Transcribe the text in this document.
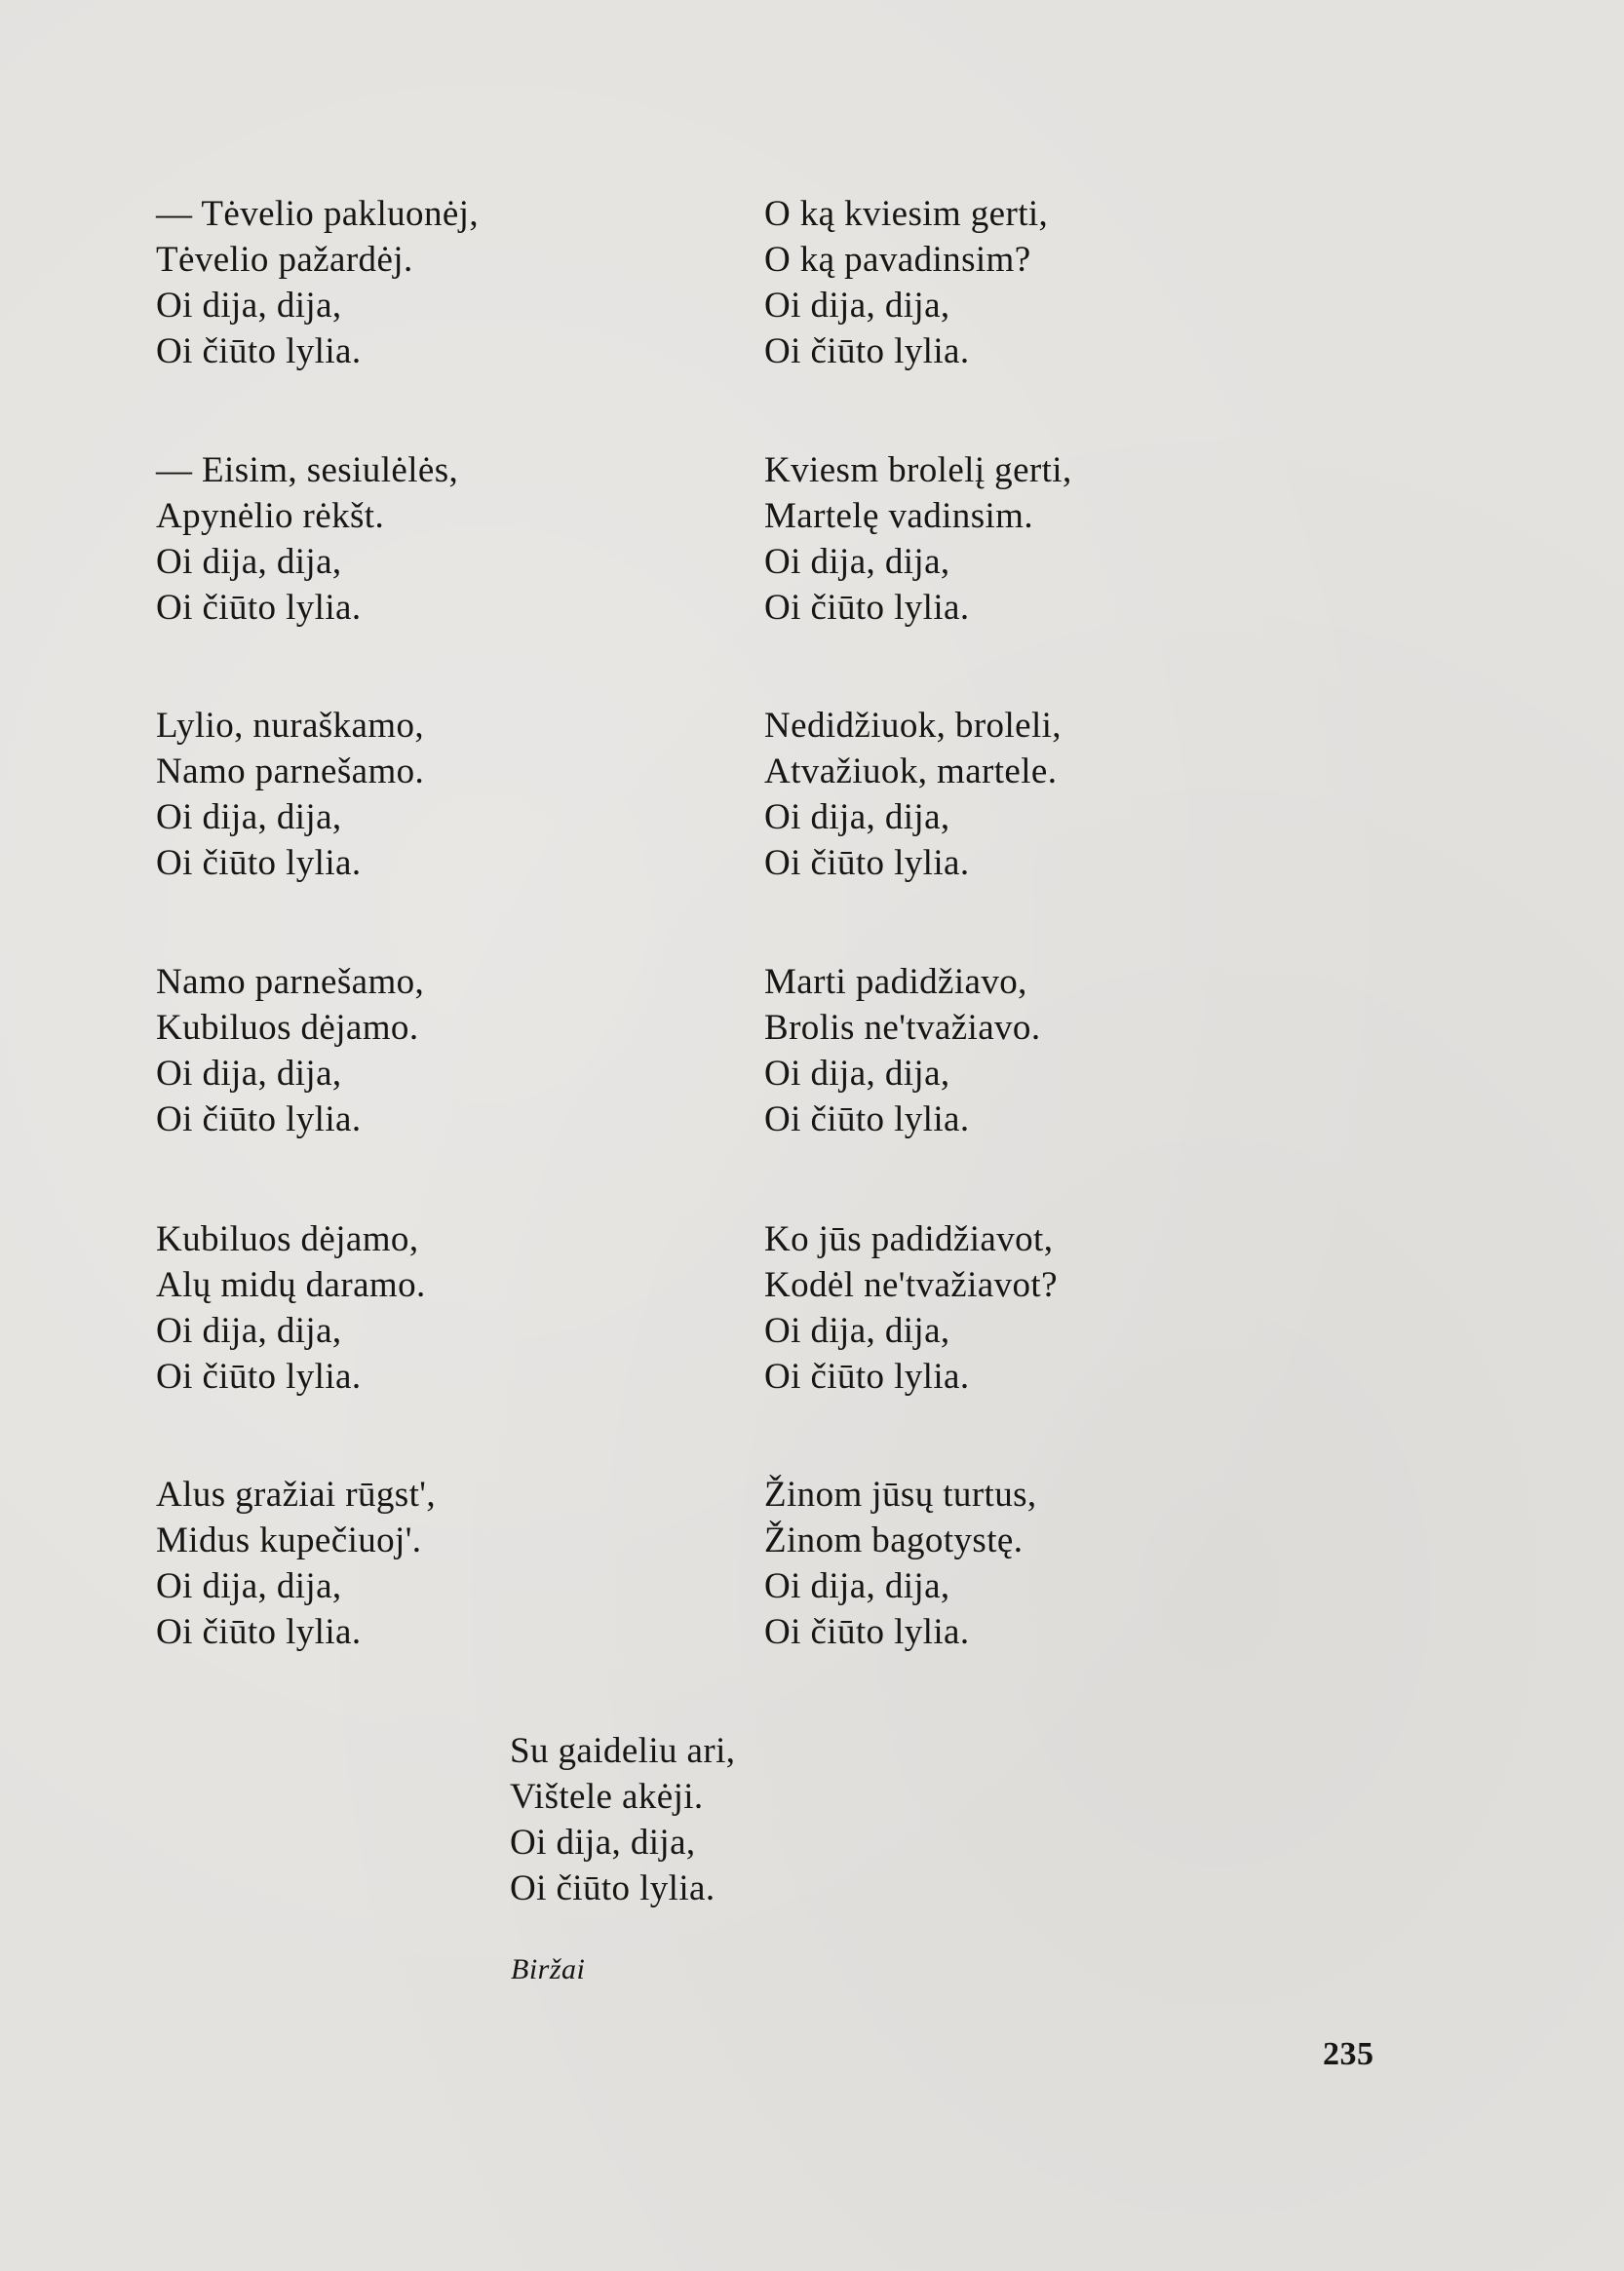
— Tėvelio pakluonėj,
Tėvelio pažardėj.
Oi dija, dija,
Oi čiūto lylia.
— Eisim, sesiulėlės,
Apynėlio rėkšt.
Oi dija, dija,
Oi čiūto lylia.
Lylio, nuraškamo,
Namo parnešamo.
Oi dija, dija,
Oi čiūto lylia.
Namo parnešamo,
Kubiluos dėjamo.
Oi dija, dija,
Oi čiūto lylia.
Kubiluos dėjamo,
Alų midų daramo.
Oi dija, dija,
Oi čiūto lylia.
Alus gražiai rūgst',
Midus kupečiuoj'.
Oi dija, dija,
Oi čiūto lylia.
O ką kviesim gerti,
O ką pavadinsim?
Oi dija, dija,
Oi čiūto lylia.
Kviesm brolelį gerti,
Martelę vadinsim.
Oi dija, dija,
Oi čiūto lylia.
Nedidžiuok, broleli,
Atvažiuok, martele.
Oi dija, dija,
Oi čiūto lylia.
Marti padidžiavo,
Brolis ne'tvažiavo.
Oi dija, dija,
Oi čiūto lylia.
Ko jūs padidžiavot,
Kodėl ne'tvažiavot?
Oi dija, dija,
Oi čiūto lylia.
Žinom jūsų turtus,
Žinom bagotystę.
Oi dija, dija,
Oi čiūto lylia.
Su gaideliu ari,
Vištele akėji.
Oi dija, dija,
Oi čiūto lylia.
Biržai
235
